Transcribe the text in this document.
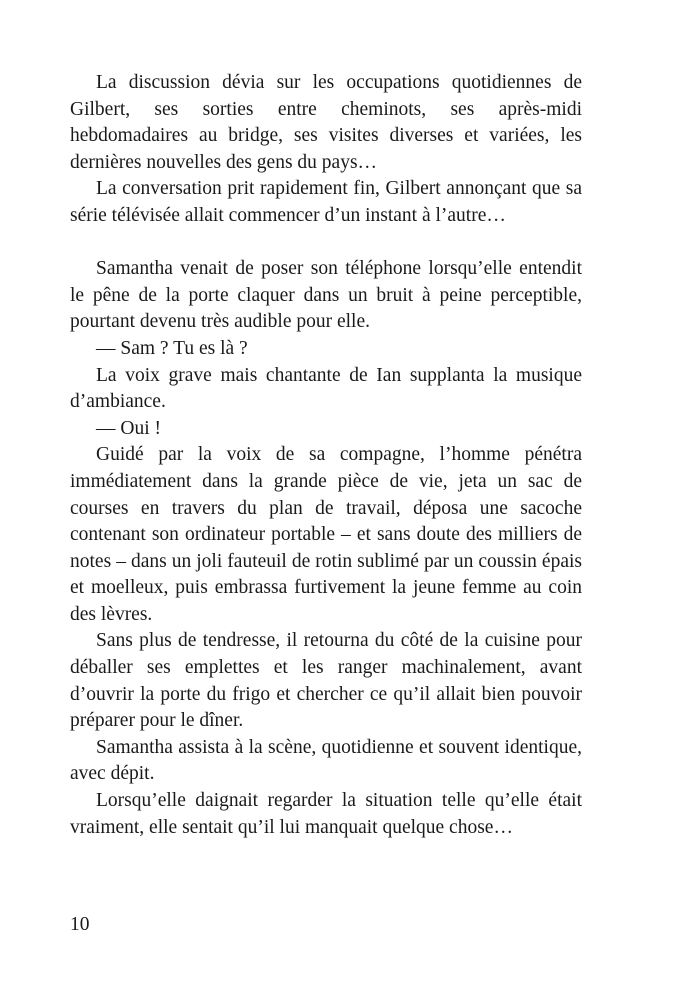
La discussion dévia sur les occupations quotidiennes de Gilbert, ses sorties entre cheminots, ses après-midi hebdomadaires au bridge, ses visites diverses et variées, les dernières nouvelles des gens du pays…

La conversation prit rapidement fin, Gilbert annonçant que sa série télévisée allait commencer d’un instant à l’autre…

Samantha venait de poser son téléphone lorsqu’elle entendit le pêne de la porte claquer dans un bruit à peine perceptible, pourtant devenu très audible pour elle.

— Sam ? Tu es là ?

La voix grave mais chantante de Ian supplanta la musique d’ambiance.

— Oui !

Guidé par la voix de sa compagne, l’homme pénétra immédiatement dans la grande pièce de vie, jeta un sac de courses en travers du plan de travail, déposa une sacoche contenant son ordinateur portable – et sans doute des milliers de notes – dans un joli fauteuil de rotin sublimé par un coussin épais et moelleux, puis embrassa furtivement la jeune femme au coin des lèvres.

Sans plus de tendresse, il retourna du côté de la cuisine pour déballer ses emplettes et les ranger machinalement, avant d’ouvrir la porte du frigo et chercher ce qu’il allait bien pouvoir préparer pour le dîner.

Samantha assista à la scène, quotidienne et souvent identique, avec dépit.

Lorsqu’elle daignait regarder la situation telle qu’elle était vraiment, elle sentait qu’il lui manquait quelque chose…

10
